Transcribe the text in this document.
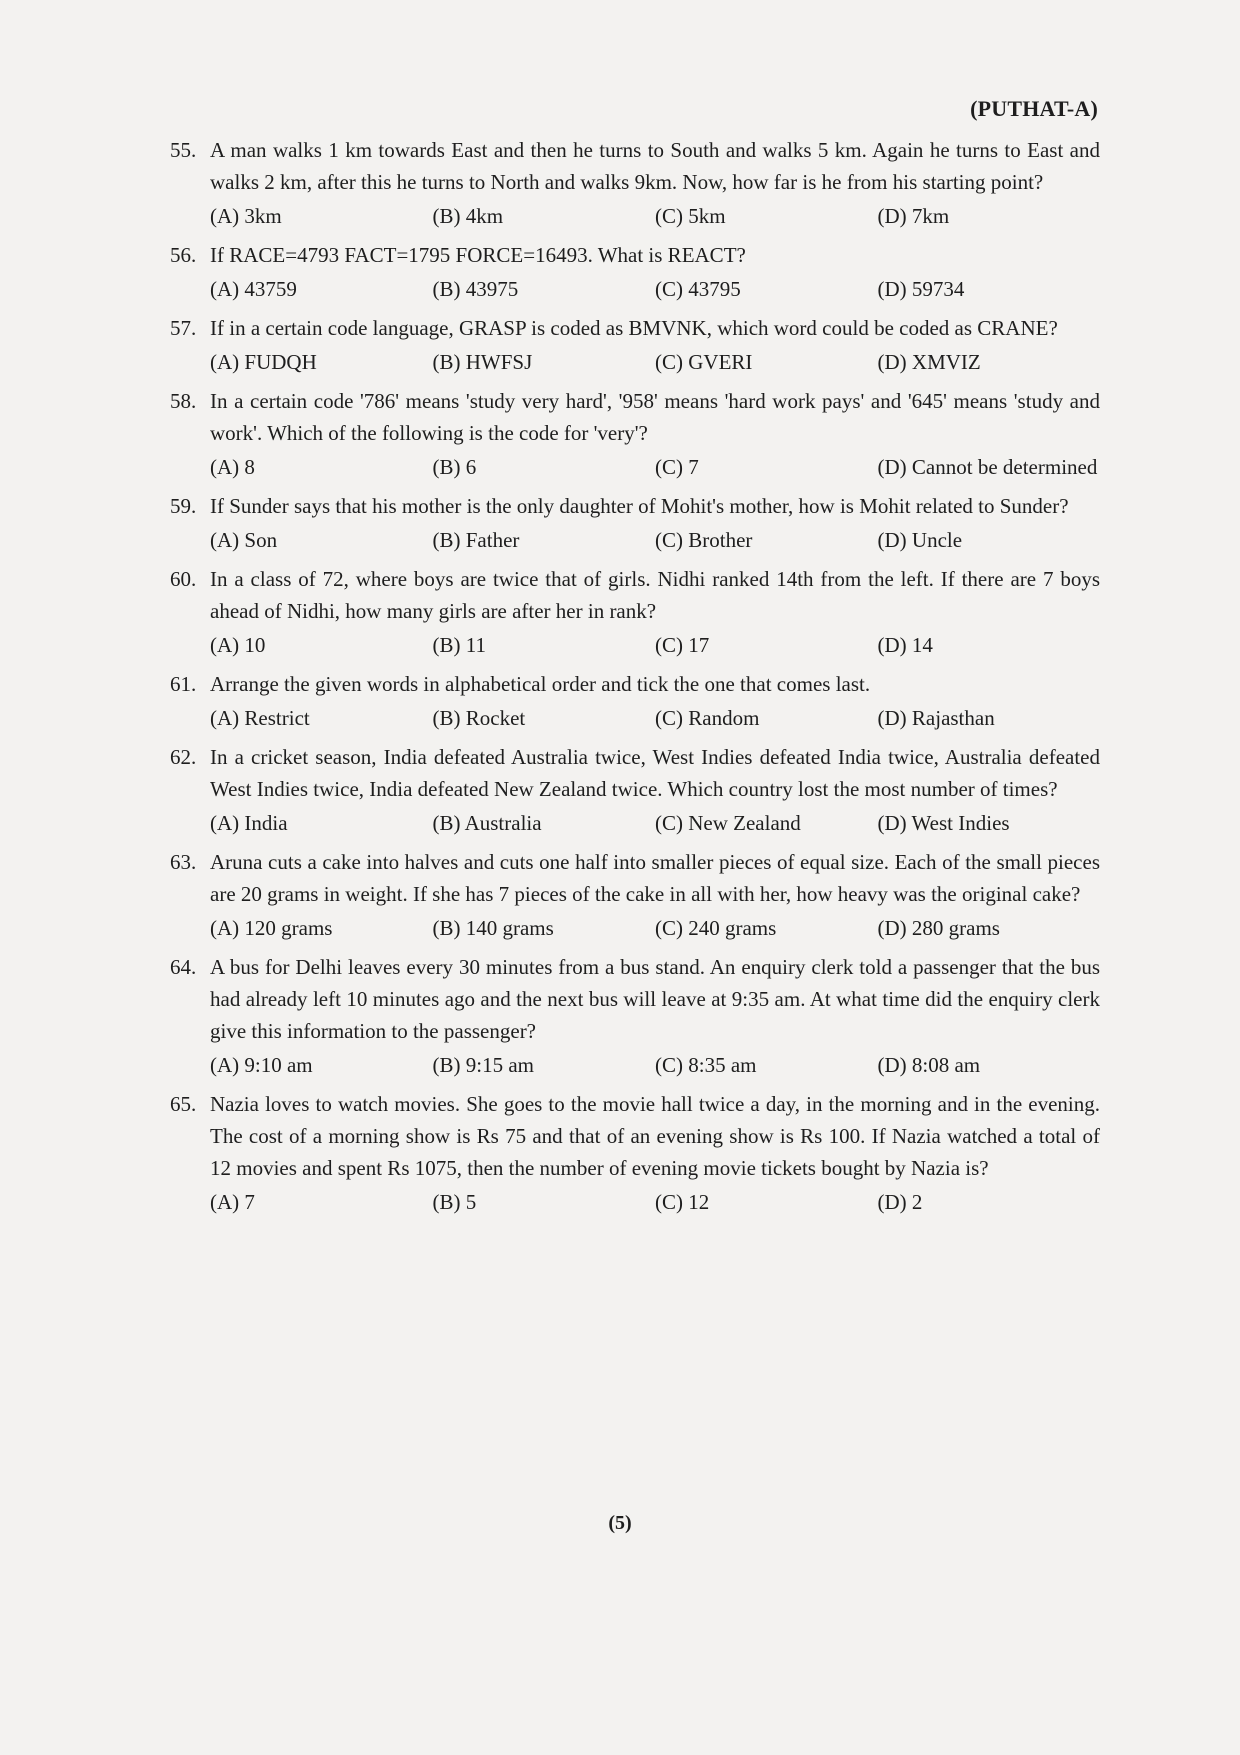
(PUTHAT-A)
55. A man walks 1 km towards East and then he turns to South and walks 5 km. Again he turns to East and walks 2 km, after this he turns to North and walks 9km. Now, how far is he from his starting point?
(A) 3km	(B) 4km	(C) 5km	(D) 7km
56. If RACE=4793 FACT=1795 FORCE=16493. What is REACT?
(A) 43759	(B) 43975	(C) 43795	(D) 59734
57. If in a certain code language, GRASP is coded as BMVNK, which word could be coded as CRANE?
(A) FUDQH	(B) HWFSJ	(C) GVERI	(D) XMVIZ
58. In a certain code '786' means 'study very hard', '958' means 'hard work pays' and '645' means 'study and work'. Which of the following is the code for 'very'?
(A) 8	(B) 6	(C) 7	(D) Cannot be determined
59. If Sunder says that his mother is the only daughter of Mohit's mother, how is Mohit related to Sunder?
(A) Son	(B) Father	(C) Brother	(D) Uncle
60. In a class of 72, where boys are twice that of girls. Nidhi ranked 14th from the left. If there are 7 boys ahead of Nidhi, how many girls are after her in rank?
(A) 10	(B) 11	(C) 17	(D) 14
61. Arrange the given words in alphabetical order and tick the one that comes last.
(A) Restrict	(B) Rocket	(C) Random	(D) Rajasthan
62. In a cricket season, India defeated Australia twice, West Indies defeated India twice, Australia defeated West Indies twice, India defeated New Zealand twice. Which country lost the most number of times?
(A) India	(B) Australia	(C) New Zealand	(D) West Indies
63. Aruna cuts a cake into halves and cuts one half into smaller pieces of equal size. Each of the small pieces are 20 grams in weight. If she has 7 pieces of the cake in all with her, how heavy was the original cake?
(A) 120 grams	(B) 140 grams	(C) 240 grams	(D) 280 grams
64. A bus for Delhi leaves every 30 minutes from a bus stand. An enquiry clerk told a passenger that the bus had already left 10 minutes ago and the next bus will leave at 9:35 am. At what time did the enquiry clerk give this information to the passenger?
(A) 9:10 am	(B) 9:15 am	(C) 8:35 am	(D) 8:08 am
65. Nazia loves to watch movies. She goes to the movie hall twice a day, in the morning and in the evening. The cost of a morning show is Rs 75 and that of an evening show is Rs 100. If Nazia watched a total of 12 movies and spent Rs 1075, then the number of evening movie tickets bought by Nazia is?
(A) 7	(B) 5	(C) 12	(D) 2
(5)
